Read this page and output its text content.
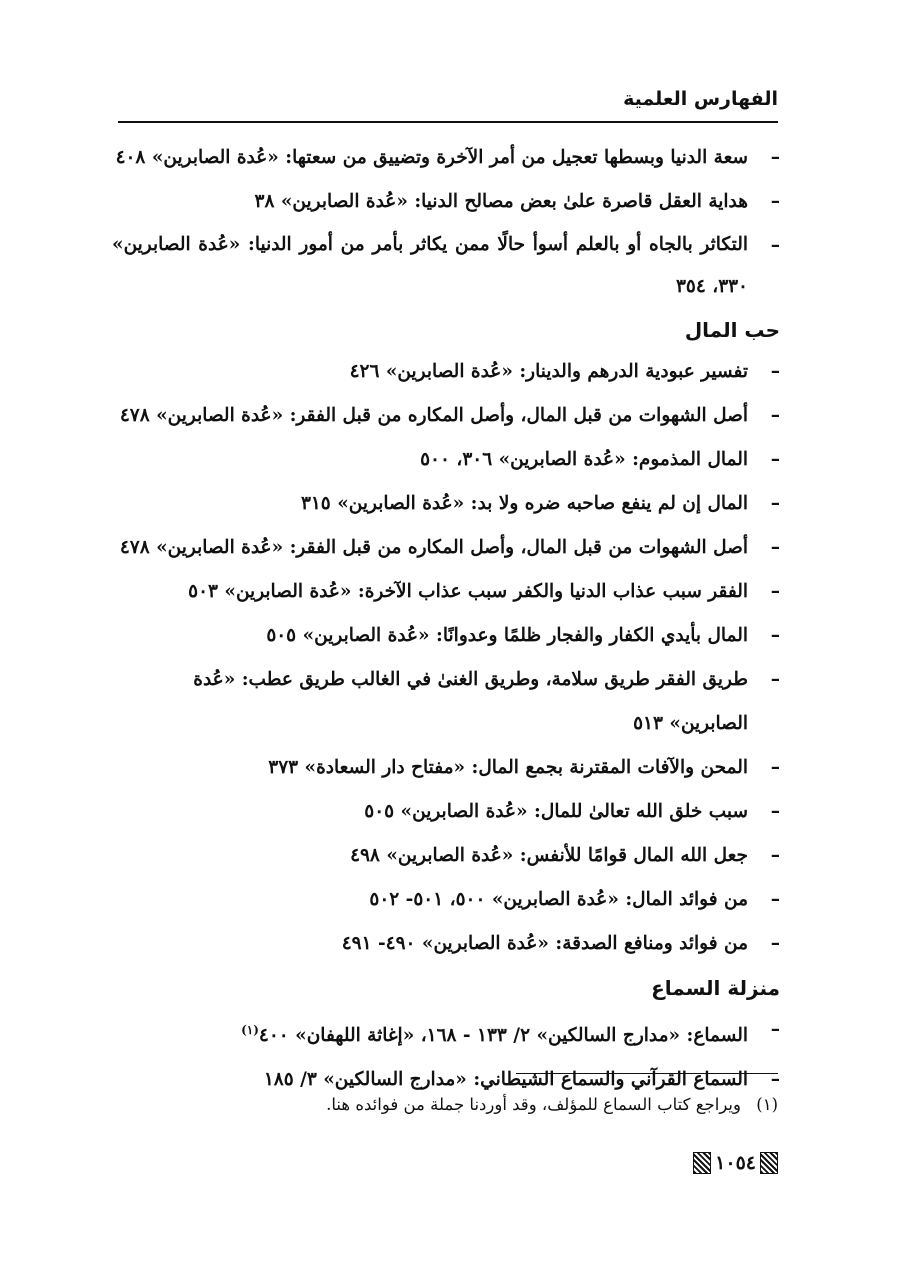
الفهارس العلمية
–
سعة الدنيا وبسطها تعجيل من أمر الآخرة وتضييق من سعتها: «عُدة الصابرين» ٤٠٨
–
هداية العقل قاصرة علىٰ بعض مصالح الدنيا: «عُدة الصابرين» ٣٨
–
التكاثر بالجاه أو بالعلم أسوأ حالًا ممن يكاثر بأمر من أمور الدنيا: «عُدة الصابرين» ٣٣٠، ٣٥٤
حب المال
–
تفسير عبودية الدرهم والدينار: «عُدة الصابرين» ٤٢٦
–
أصل الشهوات من قبل المال، وأصل المكاره من قبل الفقر: «عُدة الصابرين» ٤٧٨
–
المال المذموم: «عُدة الصابرين» ٣٠٦، ٥٠٠
–
المال إن لم ينفع صاحبه ضره ولا بد: «عُدة الصابرين» ٣١٥
–
أصل الشهوات من قبل المال، وأصل المكاره من قبل الفقر: «عُدة الصابرين» ٤٧٨
–
الفقر سبب عذاب الدنيا والكفر سبب عذاب الآخرة: «عُدة الصابرين» ٥٠٣
–
المال بأيدي الكفار والفجار ظلمًا وعدوانًا: «عُدة الصابرين» ٥٠٥
–
طريق الفقر طريق سلامة، وطريق الغنىٰ في الغالب طريق عطب: «عُدة الصابرين» ٥١٣
–
المحن والآفات المقترنة بجمع المال: «مفتاح دار السعادة» ٣٧٣
–
سبب خلق الله تعالىٰ للمال: «عُدة الصابرين» ٥٠٥
–
جعل الله المال قوامًا للأنفس: «عُدة الصابرين» ٤٩٨
–
من فوائد المال: «عُدة الصابرين» ٥٠٠، ٥٠١- ٥٠٢
–
من فوائد ومنافع الصدقة: «عُدة الصابرين» ٤٩٠- ٤٩١
منزلة السماع
–
السماع: «مدارج السالكين» ٢/ ١٣٣ - ١٦٨، «إغاثة اللهفان» ٤٠٠$^{(١)}$
–
السماع القرآني والسماع الشيطاني: «مدارج السالكين» ٣/ ١٨٥
(١) ويراجع كتاب السماع للمؤلف، وقد أوردنا جملة من فوائده هنا.
١٠٥٤
